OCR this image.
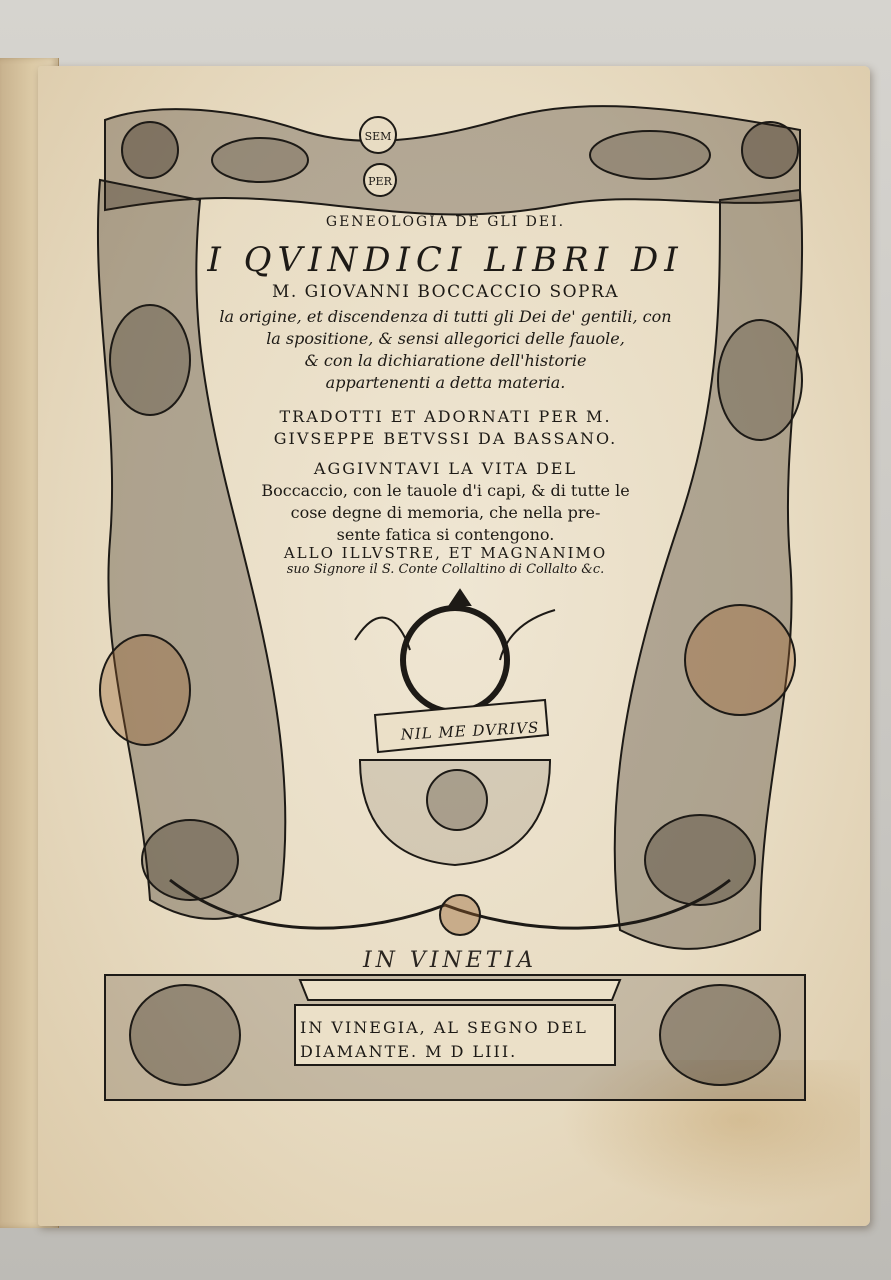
SEM
PER
GENEOLOGIA DE GLI DEI.
I QVINDICI LIBRI DI
M. GIOVANNI BOCCACCIO SOPRA
la origine, et discendenza di tutti gli Dei de' gentili, con
la spositione, & sensi allegorici delle fauole,
& con la dichiaratione dell'historie
appartenenti a detta materia.
TRADOTTI ET ADORNATI PER M.
GIVSEPPE BETVSSI DA BASSANO.
AGGIVNTAVI LA VITA DEL
Boccaccio, con le tauole d'i capi, & di tutte le
cose degne di memoria, che nella pre-
sente fatica si contengono.
ALLO ILLVSTRE, ET MAGNANIMO
suo Signore il S. Conte Collaltino di Collalto &c.
NIL ME DVRIVS
IN VINETIA
IN VINEGIA, AL SEGNO DEL
DIAMANTE. M D LIII.
